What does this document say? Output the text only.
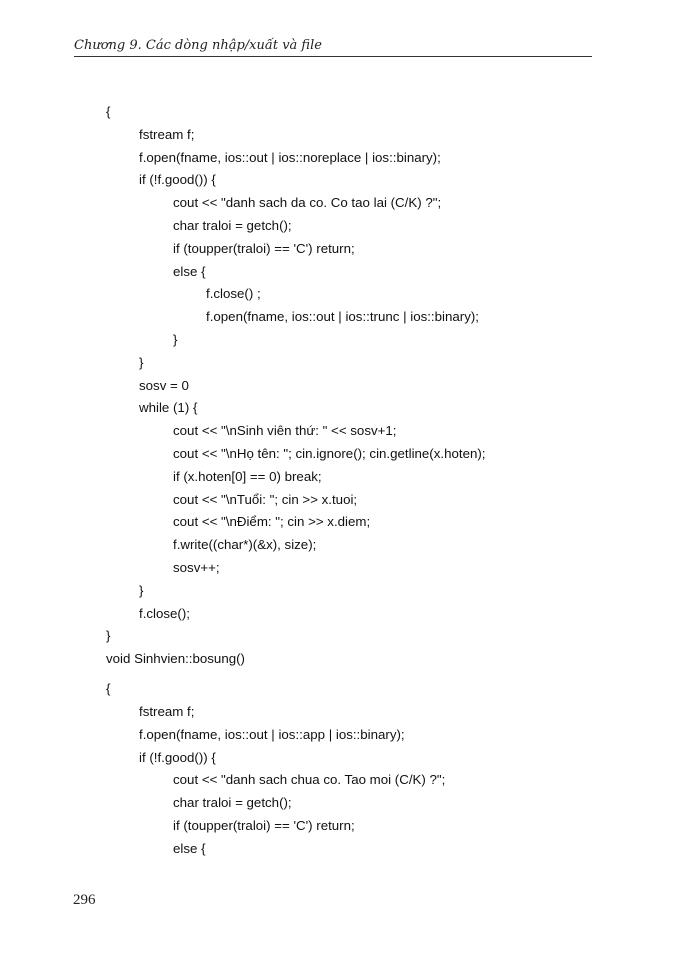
Chương 9. Các dòng nhập/xuất và file
{
fstream f;
f.open(fname, ios::out | ios::noreplace | ios::binary);
if (!f.good()) {
cout << "danh sach da co. Co tao lai (C/K) ?";
char traloi = getch();
if (toupper(traloi) == 'C') return;
else {
f.close() ;
f.open(fname, ios::out | ios::trunc | ios::binary);
}
}
sosv = 0
while (1) {
cout << "\nSinh viên thứ: " << sosv+1;
cout << "\nHọ tên: "; cin.ignore(); cin.getline(x.hoten);
if (x.hoten[0] == 0) break;
cout << "\nTuổi: "; cin >> x.tuoi;
cout << "\nĐiểm: "; cin >> x.diem;
f.write((char*)(&x), size);
sosv++;
}
f.close();
}
void Sinhvien::bosung()
{
fstream f;
f.open(fname, ios::out | ios::app | ios::binary);
if (!f.good()) {
cout << "danh sach chua co. Tao moi (C/K) ?";
char traloi = getch();
if (toupper(traloi) == 'C') return;
else {
296
